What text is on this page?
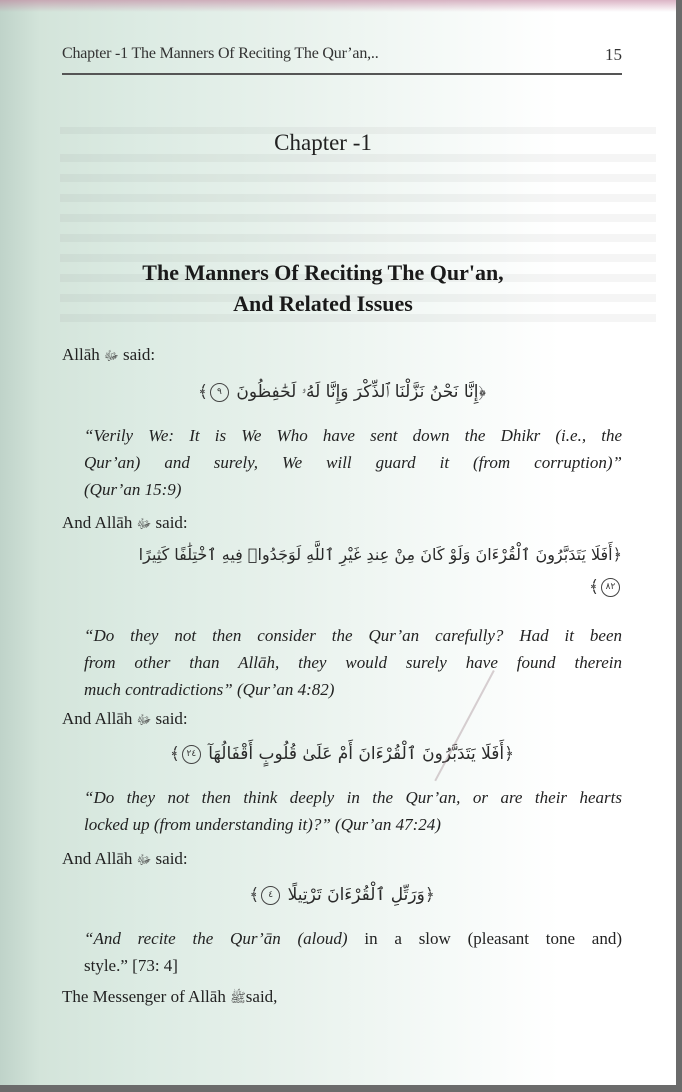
Chapter -1 The Manners Of Reciting The Qur’an,..	15
Chapter -1
The Manners Of Reciting The Qur'an,
And Related Issues
Allāh ﷻ said:
﴿إِنَّا نَحْنُ نَزَّلْنَا ٱلذِّكْرَ وَإِنَّا لَهُۥ لَحَٰفِظُونَ ٩﴾
“Verily We: It is We Who have sent down the Dhikr (i.e., the
Qur’an) and surely, We will guard it (from corruption)”
(Qur’an 15:9)
And Allāh ﷻ said:
﴿أَفَلَا يَتَدَبَّرُونَ ٱلْقُرْءَانَ وَلَوْ كَانَ مِنْ عِندِ غَيْرِ ٱللَّهِ لَوَجَدُوا۟ فِيهِ ٱخْتِلَٰفًا كَثِيرًا
٨٢﴾
“Do they not then consider the Qur’an carefully? Had it been
from other than Allāh, they would surely have found therein
much contradictions” (Qur’an 4:82)
And Allāh ﷻ said:
﴿أَفَلَا يَتَدَبَّرُونَ ٱلْقُرْءَانَ أَمْ عَلَىٰ قُلُوبٍ أَقْفَالُهَآ ٢٤﴾
“Do they not then think deeply in the Qur’an, or are their hearts
locked up (from understanding it)?” (Qur’an 47:24)
And Allāh ﷻ said:
﴿وَرَتِّلِ ٱلْقُرْءَانَ تَرْتِيلًا ٤﴾
“And recite the Qur’ān (aloud) in a slow (pleasant tone and)
style.” [73: 4]
The Messenger of Allāh ﷺsaid,
